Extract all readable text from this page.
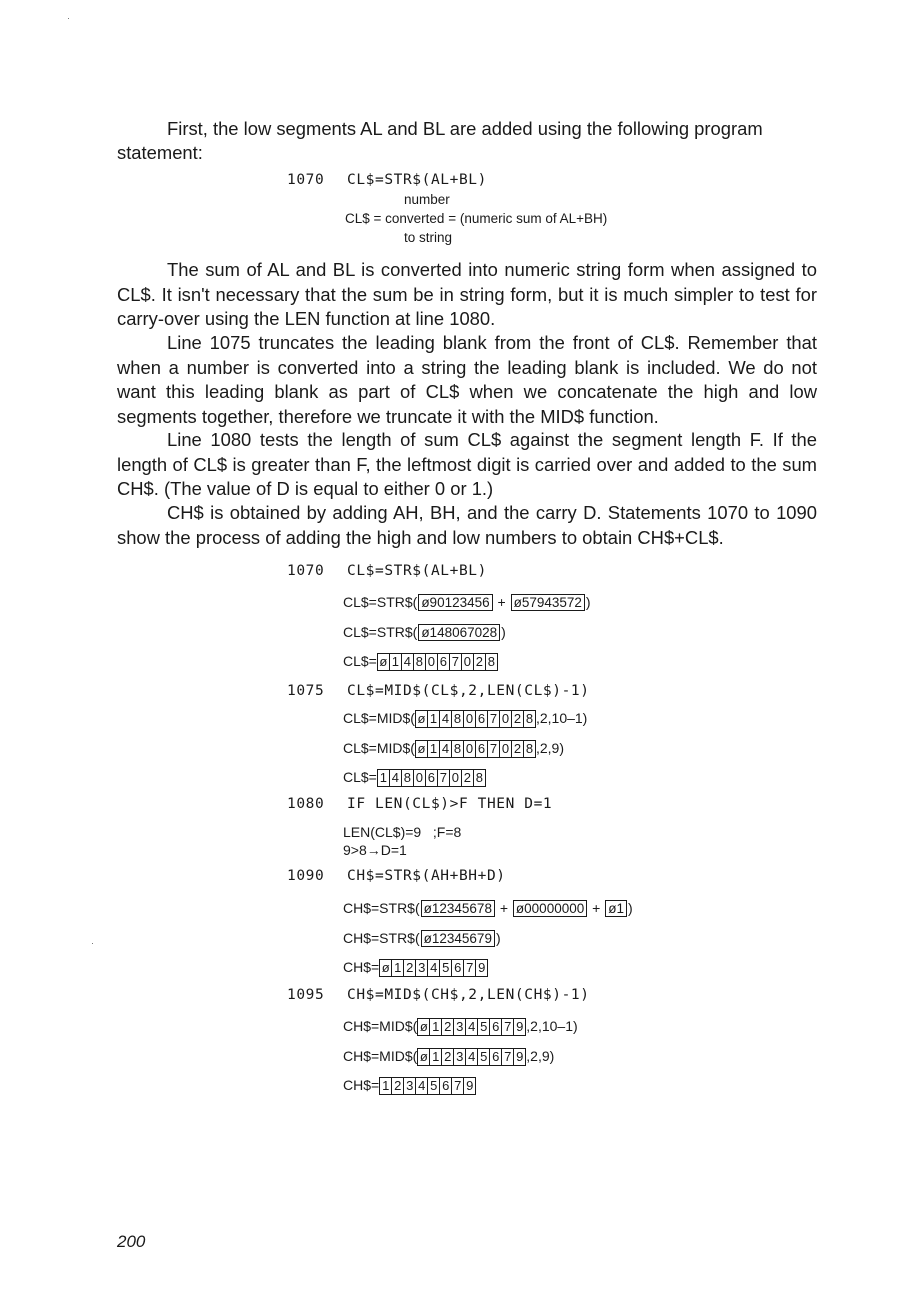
First, the low segments AL and BL are added using the following program

statement:

1070 CL$=STR$(AL+BL)
number
CL$ = converted = (numeric sum of AL+BH)
to string

The sum of AL and BL is converted into numeric string form when assigned to CL$. It isn't necessary that the sum be in string form, but it is much simpler to test for carry-over using the LEN function at line 1080.

Line 1075 truncates the leading blank from the front of CL$. Remember that when a number is converted into a string the leading blank is included. We do not want this leading blank as part of CL$ when we concatenate the high and low segments together, therefore we truncate it with the MID$ function.

Line 1080 tests the length of sum CL$ against the segment length F. If the length of CL$ is greater than F, the leftmost digit is carried over and added to the sum CH$. (The value of D is equal to either 0 or 1.)

CH$ is obtained by adding AH, BH, and the carry D. Statements 1070 to 1090 show the process of adding the high and low numbers to obtain CH$+CL$.

1070 CL$=STR$(AL+BL)
CL$=STR$( ø90123456 + ø57943572 )
CL$=STR$( ø148067028 )
CL$= ø 1 4 8 0 6 7 0 2 8
1075 CL$=MID$(CL$,2,LEN(CL$)-1)
CL$=MID$( ø 1 4 8 0 6 7 0 2 8 ,2,10–1)
CL$=MID$( ø 1 4 8 0 6 7 0 2 8 ,2,9)
CL$= 1 4 8 0 6 7 0 2 8
1080 IF LEN(CL$)>F THEN D=1
LEN(CL$)=9   ;F=8
9>8→D=1
1090 CH$=STR$(AH+BH+D)
CH$=STR$( ø12345678 + ø00000000 + ø1 )
CH$=STR$( ø12345679 )
CH$= ø 1 2 3 4 5 6 7 9
1095 CH$=MID$(CH$,2,LEN(CH$)-1)
CH$=MID$( ø 1 2 3 4 5 6 7 9 ,2,10–1)
CH$=MID$( ø 1 2 3 4 5 6 7 9 ,2,9)
CH$= 1 2 3 4 5 6 7 9
200
